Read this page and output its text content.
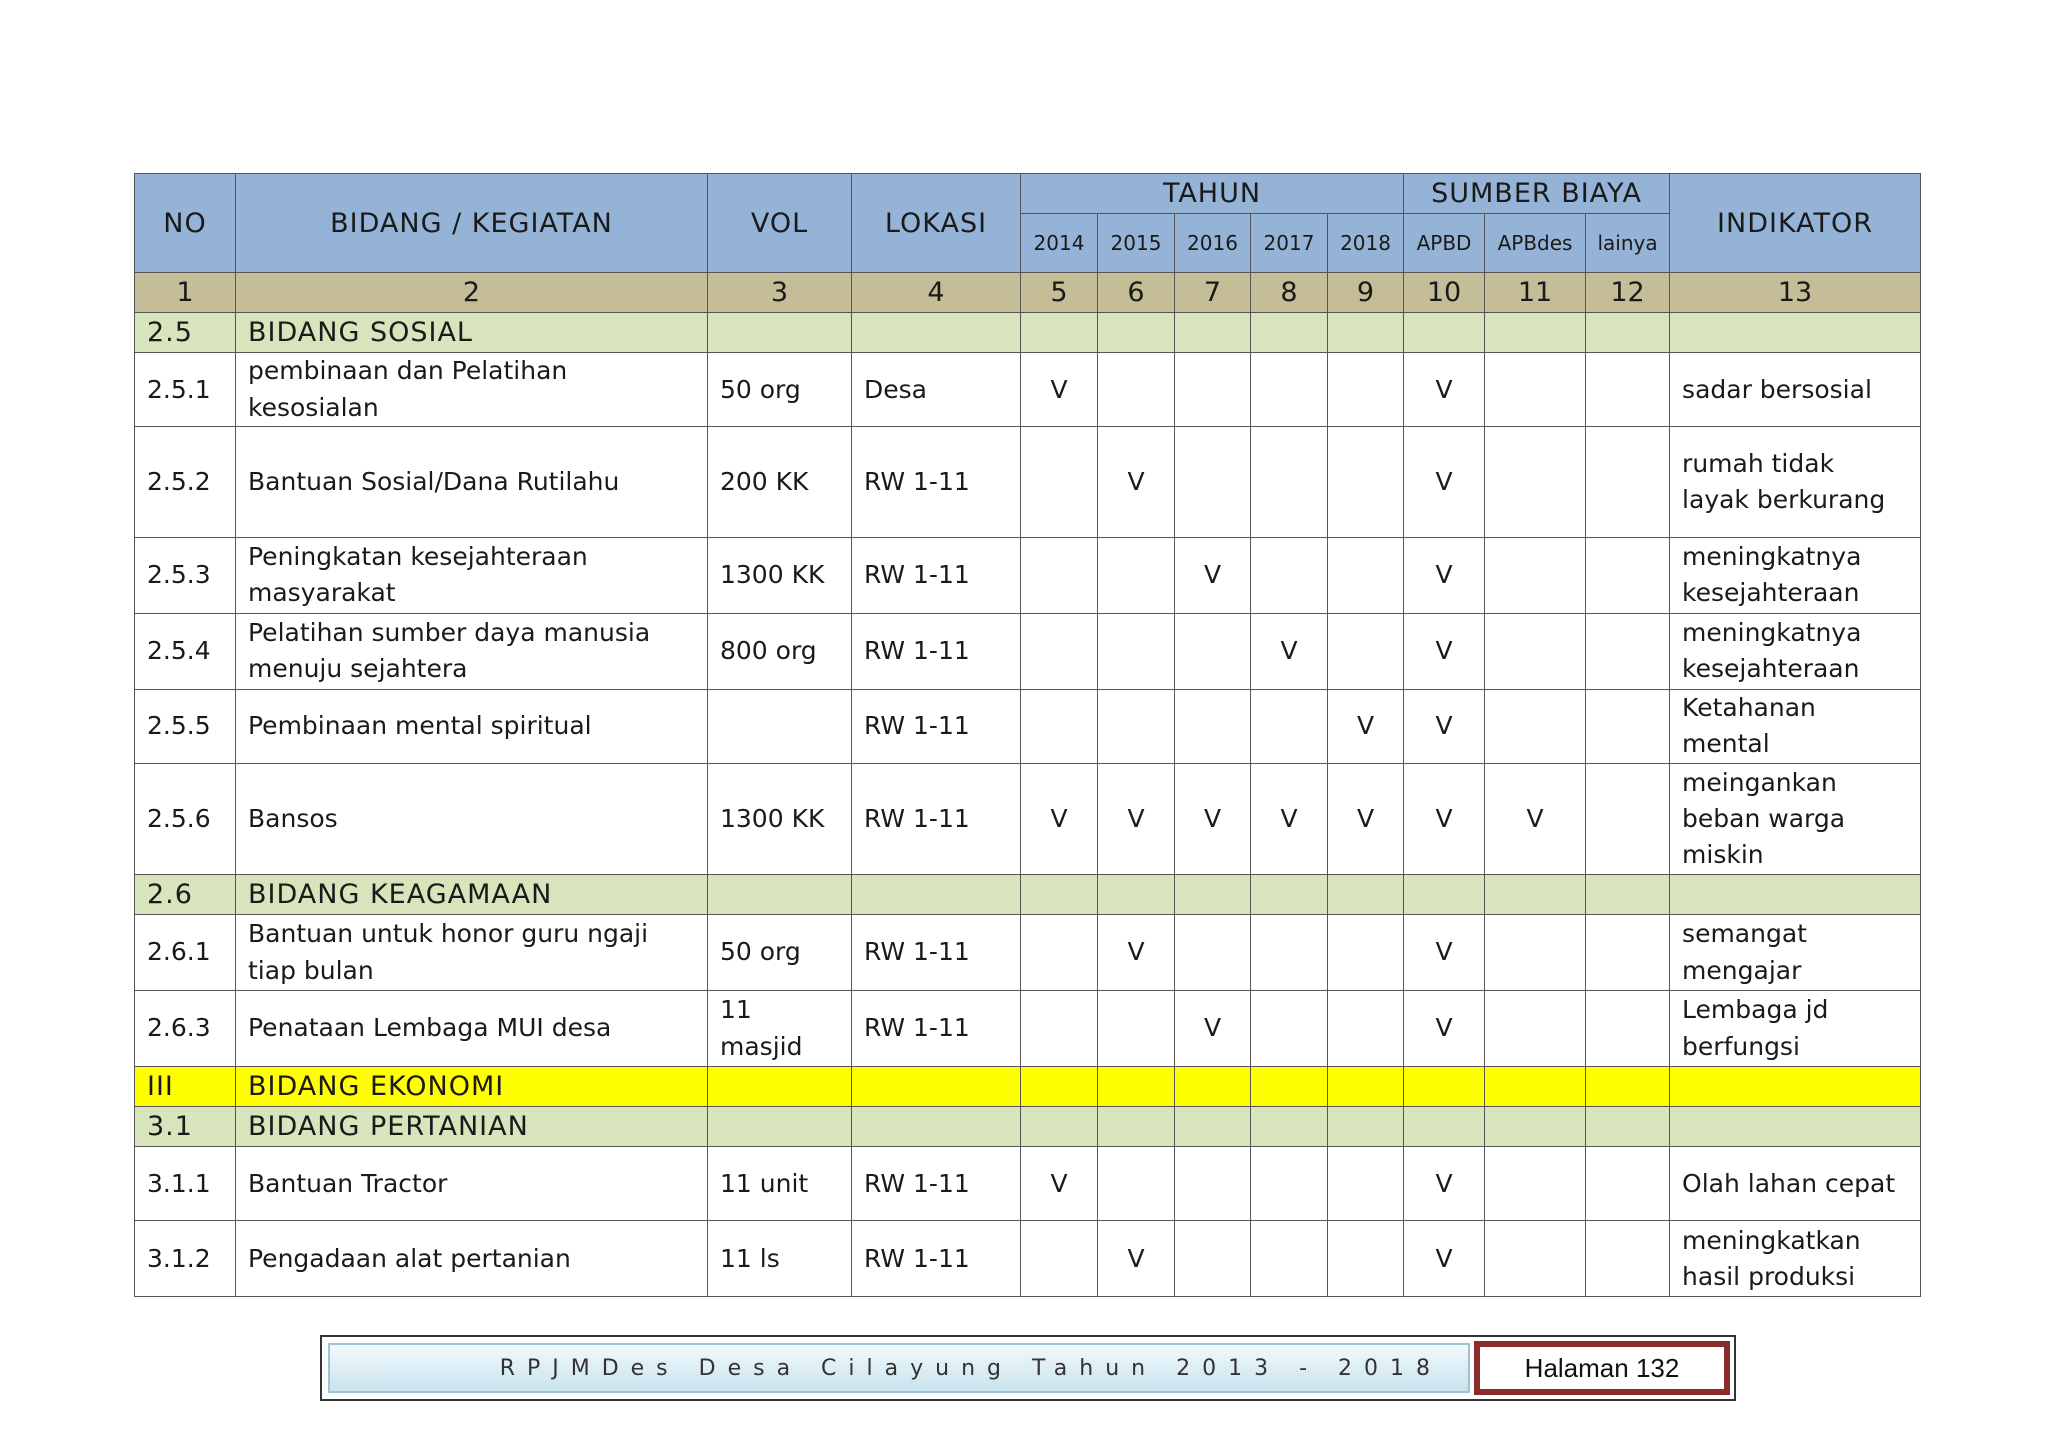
NO	BIDANG / KEGIATAN	VOL	LOKASI	TAHUN					SUMBER BIAYA			INDIKATOR
				2014	2015	2016	2017	2018	APBD	APBdes	lainya	
1	2	3	4	5	6	7	8	9	10	11	12	13
2.5	BIDANG SOSIAL											
2.5.1	pembinaan dan Pelatihan kesosialan	50 org	Desa	V					V			sadar bersosial
2.5.2	Bantuan Sosial/Dana Rutilahu	200 KK	RW 1-11		V				V			rumah tidak layak berkurang
2.5.3	Peningkatan kesejahteraan masyarakat	1300 KK	RW 1-11			V			V			meningkatnya kesejahteraan
2.5.4	Pelatihan sumber daya manusia menuju sejahtera	800 org	RW 1-11				V		V			meningkatnya kesejahteraan
2.5.5	Pembinaan mental spiritual		RW 1-11					V	V			Ketahanan mental
2.5.6	Bansos	1300 KK	RW 1-11	V	V	V	V	V	V	V		meingankan beban warga miskin
2.6	BIDANG KEAGAMAAN											
2.6.1	Bantuan untuk honor guru ngaji tiap bulan	50 org	RW 1-11		V				V			semangat mengajar
2.6.3	Penataan Lembaga MUI desa	11 masjid	RW 1-11			V			V			Lembaga jd berfungsi
III	BIDANG EKONOMI											
3.1	BIDANG PERTANIAN											
3.1.1	Bantuan Tractor	11 unit	RW 1-11	V					V			Olah lahan cepat
3.1.2	Pengadaan alat pertanian	11 ls	RW 1-11		V				V			meningkatkan hasil produksi
RPJMDes Desa Cilayung Tahun 2013 - 2018	Halaman 132
